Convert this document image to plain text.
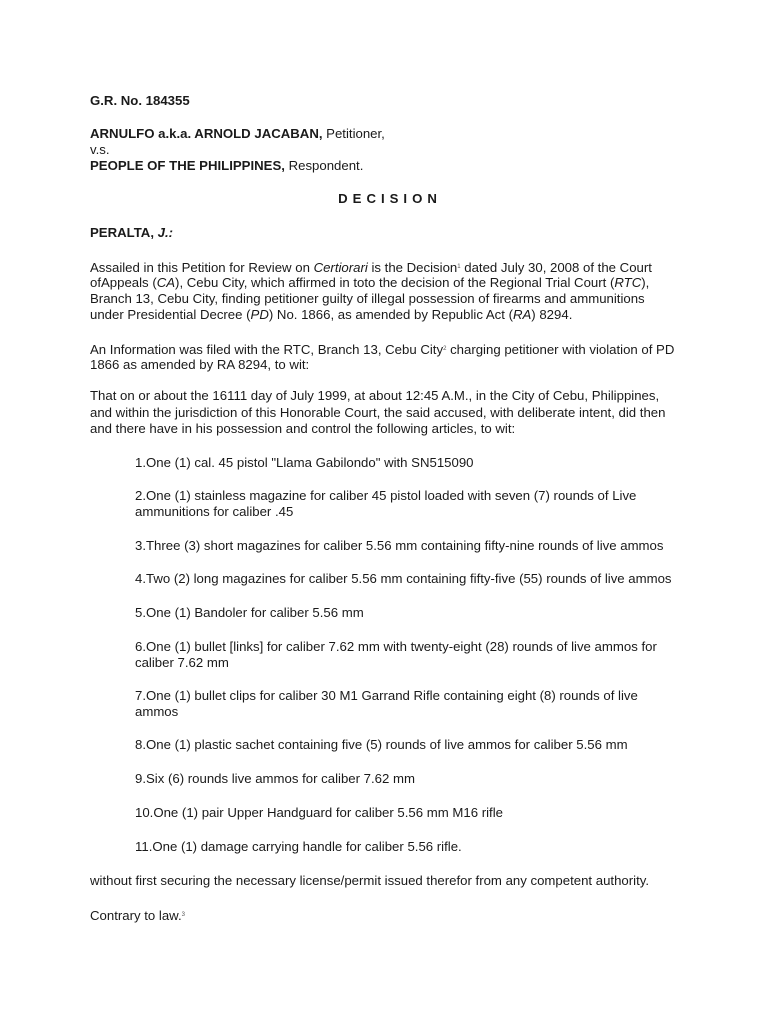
G.R. No. 184355
ARNULFO a.k.a. ARNOLD JACABAN, Petitioner,
v.s.
PEOPLE OF THE PHILIPPINES, Respondent.
DECISION
PERALTA, J.:
Assailed in this Petition for Review on Certiorari is the Decision$^1$ dated July 30, 2008 of the Court
ofAppeals (CA), Cebu City, which affirmed in toto the decision of the Regional Trial Court (RTC),
Branch 13, Cebu City, finding petitioner guilty of illegal possession of firearms and ammunitions
under Presidential Decree (PD) No. 1866, as amended by Republic Act (RA) 8294.
An Information was filed with the RTC, Branch 13, Cebu City$^2$ charging petitioner with violation of PD
1866 as amended by RA 8294, to wit:
That on or about the 16111 day of July 1999, at about 12:45 A.M., in the City of Cebu, Philippines,
and within the jurisdiction of this Honorable Court, the said accused, with deliberate intent, did then
and there have in his possession and control the following articles, to wit:
1.One (1) cal. 45 pistol "Llama Gabilondo" with SN515090
2.One (1) stainless magazine for caliber 45 pistol loaded with seven (7) rounds of Live
ammunitions for caliber .45
3.Three (3) short magazines for caliber 5.56 mm containing fifty-nine rounds of live ammos
4.Two (2) long magazines for caliber 5.56 mm containing fifty-five (55) rounds of live ammos
5.One (1) Bandoler for caliber 5.56 mm
6.One (1) bullet [links] for caliber 7.62 mm with twenty-eight (28) rounds of live ammos for
caliber 7.62 mm
7.One (1) bullet clips for caliber 30 M1 Garrand Rifle containing eight (8) rounds of live
ammos
8.One (1) plastic sachet containing five (5) rounds of live ammos for caliber 5.56 mm
9.Six (6) rounds live ammos for caliber 7.62 mm
10.One (1) pair Upper Handguard for caliber 5.56 mm M16 rifle
11.One (1) damage carrying handle for caliber 5.56 rifle.
without first securing the necessary license/permit issued therefor from any competent authority.
Contrary to law.$^3$
